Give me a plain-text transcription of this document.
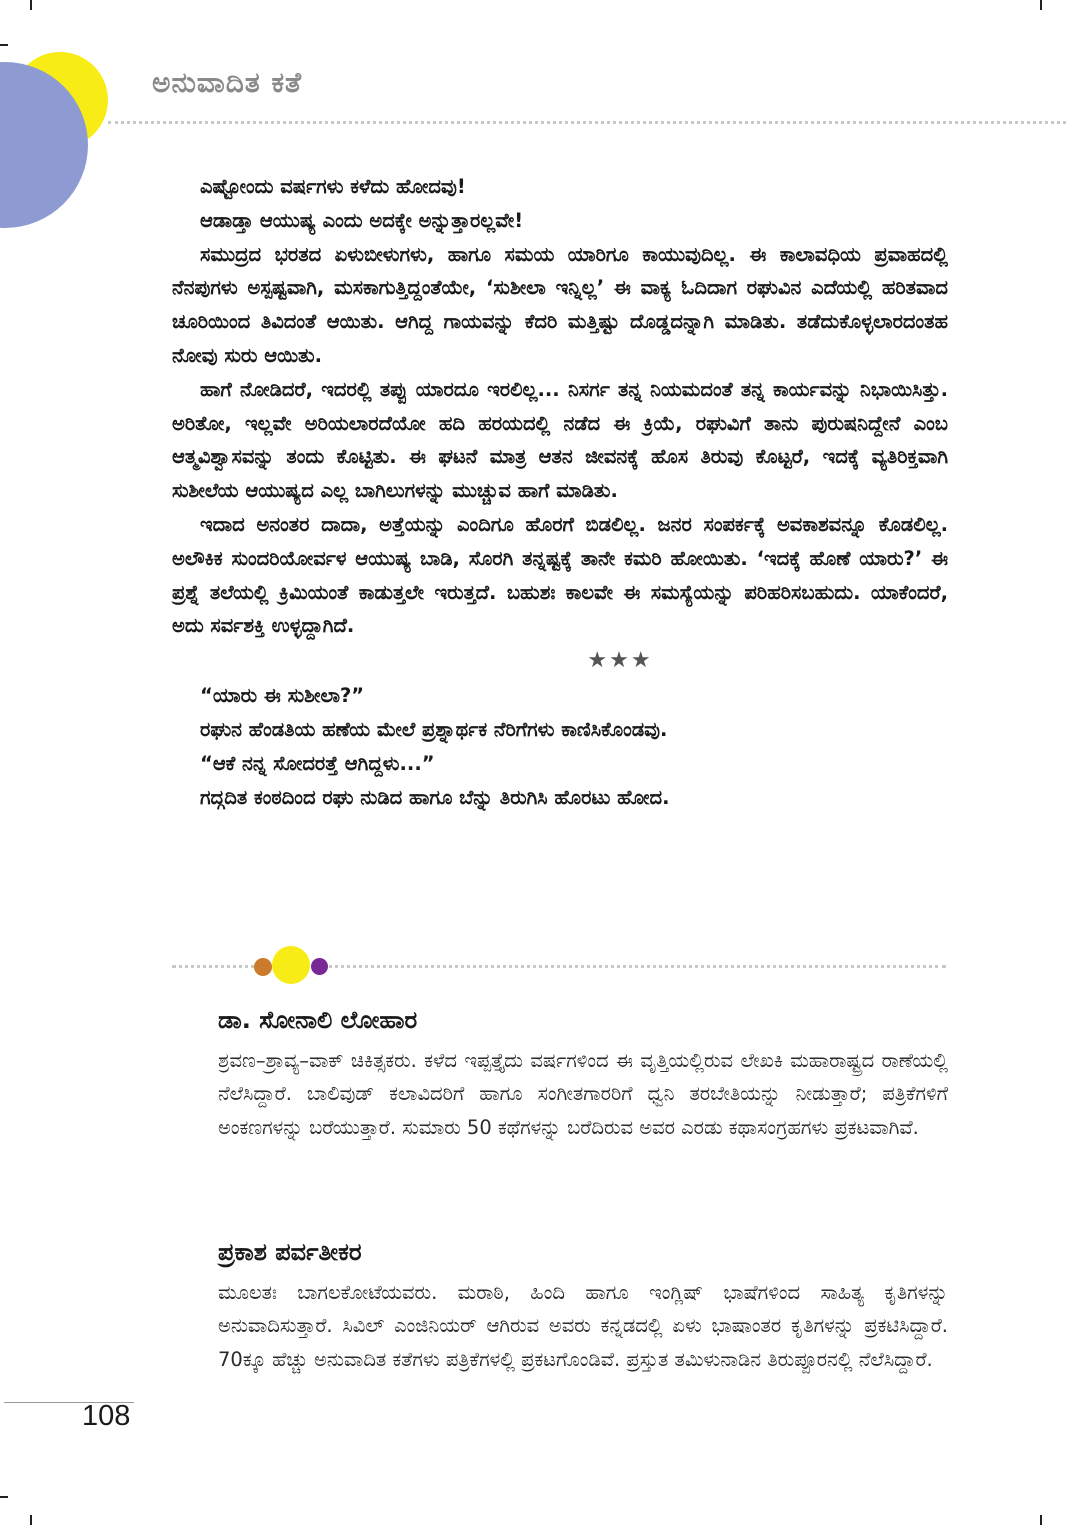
ಅನುವಾದಿತ ಕತೆ

ಎಷ್ಟೋಂದು ವರ್ಷಗಳು ಕಳೆದು ಹೋದವು!

ಆಡಾಡ್ತಾ ಆಯುಷ್ಯ ಎಂದು ಅದಕ್ಕೇ ಅನ್ನುತ್ತಾರಲ್ಲವೇ!

ಸಮುದ್ರದ ಭರತದ ಏಳುಬೀಳುಗಳು, ಹಾಗೂ ಸಮಯ ಯಾರಿಗೂ ಕಾಯುವುದಿಲ್ಲ. ಈ ಕಾಲಾವಧಿಯ ಪ್ರವಾಹದಲ್ಲಿ ನೆನಪುಗಳು ಅಸ್ಪಷ್ಟವಾಗಿ, ಮಸಕಾಗುತ್ತಿದ್ದಂತೆಯೇ, ‘ಸುಶೀಲಾ ಇನ್ನಿಲ್ಲ’ ಈ ವಾಕ್ಯ ಓದಿದಾಗ ರಘುವಿನ ಎದೆಯಲ್ಲಿ ಹರಿತವಾದ ಚೂರಿಯಿಂದ ತಿವಿದಂತೆ ಆಯಿತು. ಆಗಿದ್ದ ಗಾಯವನ್ನು ಕೆದರಿ ಮತ್ತಿಷ್ಟು ದೊಡ್ಡದನ್ನಾಗಿ ಮಾಡಿತು. ತಡೆದುಕೊಳ್ಳಲಾರದಂತಹ ನೋವು ಸುರು ಆಯಿತು.

ಹಾಗೆ ನೋಡಿದರೆ, ಇದರಲ್ಲಿ ತಪ್ಪು ಯಾರದೂ ಇರಲಿಲ್ಲ... ನಿಸರ್ಗ ತನ್ನ ನಿಯಮದಂತೆ ತನ್ನ ಕಾರ್ಯವನ್ನು ನಿಭಾಯಿಸಿತ್ತು. ಅರಿತೋ, ಇಲ್ಲವೇ ಅರಿಯಲಾರದೆಯೋ ಹದಿ ಹರಯದಲ್ಲಿ ನಡೆದ ಈ ಕ್ರಿಯೆ, ರಘುವಿಗೆ ತಾನು ಪುರುಷನಿದ್ದೇನೆ ಎಂಬ ಆತ್ಮವಿಶ್ವಾಸವನ್ನು ತಂದು ಕೊಟ್ಟಿತು. ಈ ಘಟನೆ ಮಾತ್ರ ಆತನ ಜೀವನಕ್ಕೆ ಹೊಸ ತಿರುವು ಕೊಟ್ಟರೆ, ಇದಕ್ಕೆ ವ್ಯತಿರಿಕ್ತವಾಗಿ ಸುಶೀಲೆಯ ಆಯುಷ್ಯದ ಎಲ್ಲ ಬಾಗಿಲುಗಳನ್ನು ಮುಚ್ಚುವ ಹಾಗೆ ಮಾಡಿತು.

ಇದಾದ ಅನಂತರ ದಾದಾ, ಅತ್ತೆಯನ್ನು ಎಂದಿಗೂ ಹೊರಗೆ ಬಿಡಲಿಲ್ಲ. ಜನರ ಸಂಪರ್ಕಕ್ಕೆ ಅವಕಾಶವನ್ನೂ ಕೊಡಲಿಲ್ಲ. ಅಲೌಕಿಕ ಸುಂದರಿಯೋರ್ವಳ ಆಯುಷ್ಯ ಬಾಡಿ, ಸೊರಗಿ ತನ್ನಷ್ಟಕ್ಕೆ ತಾನೇ ಕಮರಿ ಹೋಯಿತು. ‘ಇದಕ್ಕೆ ಹೊಣೆ ಯಾರು?’ ಈ ಪ್ರಶ್ನೆ ತಲೆಯಲ್ಲಿ ಕ್ರಿಮಿಯಂತೆ ಕಾಡುತ್ತಲೇ ಇರುತ್ತದೆ. ಬಹುಶಃ ಕಾಲವೇ ಈ ಸಮಸ್ಯೆಯನ್ನು ಪರಿಹರಿಸಬಹುದು. ಯಾಕೆಂದರೆ, ಅದು ಸರ್ವಶಕ್ತಿ ಉಳ್ಳದ್ದಾಗಿದೆ.

★★★

“ಯಾರು ಈ ಸುಶೀಲಾ?”

ರಘುನ ಹೆಂಡತಿಯ ಹಣೆಯ ಮೇಲೆ ಪ್ರಶ್ನಾರ್ಥಕ ನೆರಿಗೆಗಳು ಕಾಣಿಸಿಕೊಂಡವು.

“ಆಕೆ ನನ್ನ ಸೋದರತ್ತೆ ಆಗಿದ್ದಳು...”

ಗದ್ಗದಿತ ಕಂಠದಿಂದ ರಘು ನುಡಿದ ಹಾಗೂ ಬೆನ್ನು ತಿರುಗಿಸಿ ಹೊರಟು ಹೋದ.

ಡಾ. ಸೋನಾಲಿ ಲೋಹಾರ

ಶ್ರವಣ–ಶ್ರಾವ್ಯ–ವಾಕ್ ಚಿಕಿತ್ಸಕರು. ಕಳೆದ ಇಪ್ಪತ್ತೈದು ವರ್ಷಗಳಿಂದ ಈ ವೃತ್ತಿಯಲ್ಲಿರುವ ಲೇಖಕಿ ಮಹಾರಾಷ್ಟ್ರದ ರಾಣೆಯಲ್ಲಿ ನೆಲೆಸಿದ್ದಾರೆ. ಬಾಲಿವುಡ್ ಕಲಾವಿದರಿಗೆ ಹಾಗೂ ಸಂಗೀತಗಾರರಿಗೆ ಧ್ವನಿ ತರಬೇತಿಯನ್ನು ನೀಡುತ್ತಾರೆ; ಪತ್ರಿಕೆಗಳಿಗೆ ಅಂಕಣಗಳನ್ನು ಬರೆಯುತ್ತಾರೆ. ಸುಮಾರು 50 ಕಥೆಗಳನ್ನು ಬರೆದಿರುವ ಅವರ ಎರಡು ಕಥಾಸಂಗ್ರಹಗಳು ಪ್ರಕಟವಾಗಿವೆ.

ಪ್ರಕಾಶ ಪರ್ವತೀಕರ

ಮೂಲತಃ ಬಾಗಲಕೋಟೆಯವರು. ಮರಾಠಿ, ಹಿಂದಿ ಹಾಗೂ ಇಂಗ್ಲಿಷ್ ಭಾಷೆಗಳಿಂದ ಸಾಹಿತ್ಯ ಕೃತಿಗಳನ್ನು ಅನುವಾದಿಸುತ್ತಾರೆ. ಸಿವಿಲ್ ಎಂಜಿನಿಯರ್ ಆಗಿರುವ ಅವರು ಕನ್ನಡದಲ್ಲಿ ಏಳು ಭಾಷಾಂತರ ಕೃತಿಗಳನ್ನು ಪ್ರಕಟಿಸಿದ್ದಾರೆ. 70ಕ್ಕೂ ಹೆಚ್ಚು ಅನುವಾದಿತ ಕತೆಗಳು ಪತ್ರಿಕೆಗಳಲ್ಲಿ ಪ್ರಕಟಗೊಂಡಿವೆ. ಪ್ರಸ್ತುತ ತಮಿಳುನಾಡಿನ ತಿರುಪ್ಪೂರನಲ್ಲಿ ನೆಲೆಸಿದ್ದಾರೆ.

108
